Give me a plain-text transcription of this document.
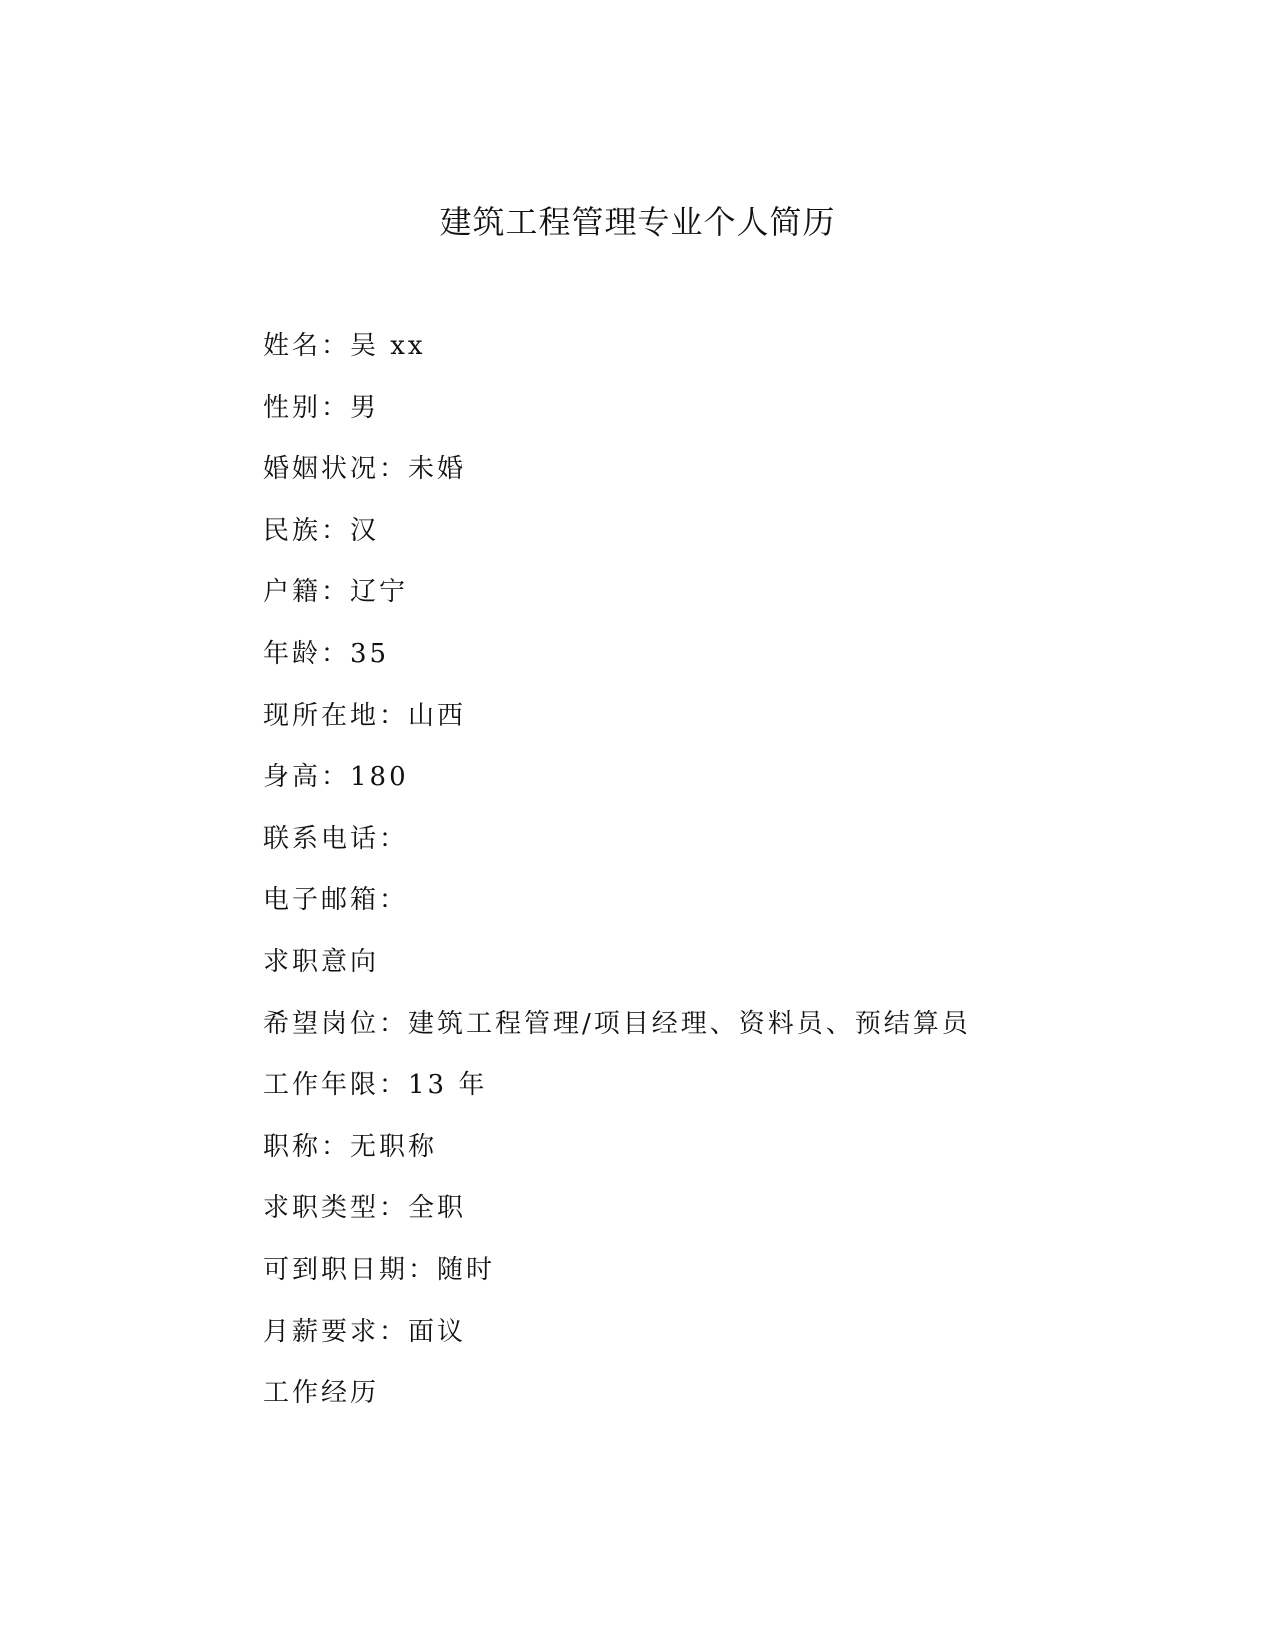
建筑工程管理专业个人简历
姓名：吴 xx
性别：男
婚姻状况：未婚
民族：汉
户籍：辽宁
年龄：35
现所在地：山西
身高：180
联系电话：
电子邮箱：
求职意向
希望岗位：建筑工程管理/项目经理、资料员、预结算员
工作年限：13 年
职称：无职称
求职类型：全职
可到职日期：随时
月薪要求：面议
工作经历
